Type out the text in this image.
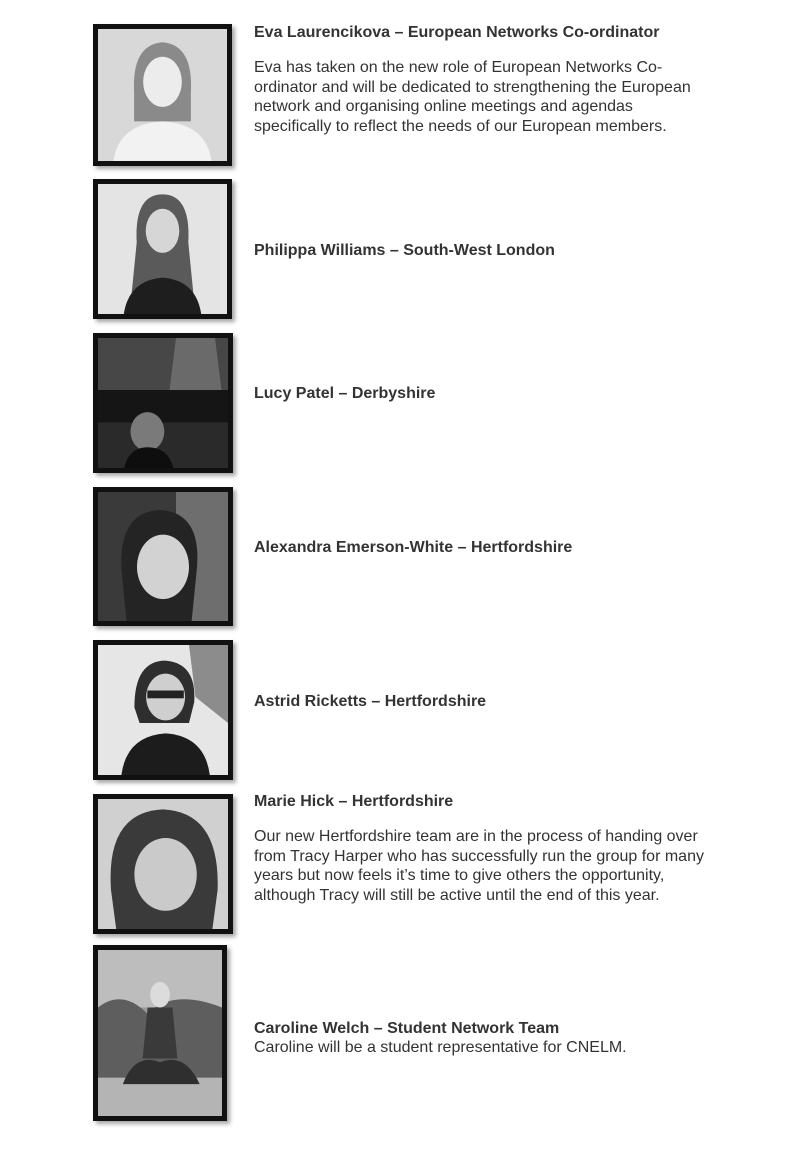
Eva Laurencikova – European Networks Co-ordinator

Eva has taken on the new role of European Networks Co-ordinator and will be dedicated to strengthening the European network and organising online meetings and agendas specifically to reflect the needs of our European members.

Philippa Williams – South-West London

Lucy Patel – Derbyshire

Alexandra Emerson-White – Hertfordshire

Astrid Ricketts – Hertfordshire

Marie Hick – Hertfordshire

Our new Hertfordshire team are in the process of handing over from Tracy Harper who has successfully run the group for many years but now feels it’s time to give others the opportunity, although Tracy will still be active until the end of this year.

Caroline Welch – Student Network Team

Caroline will be a student representative for CNELM.
